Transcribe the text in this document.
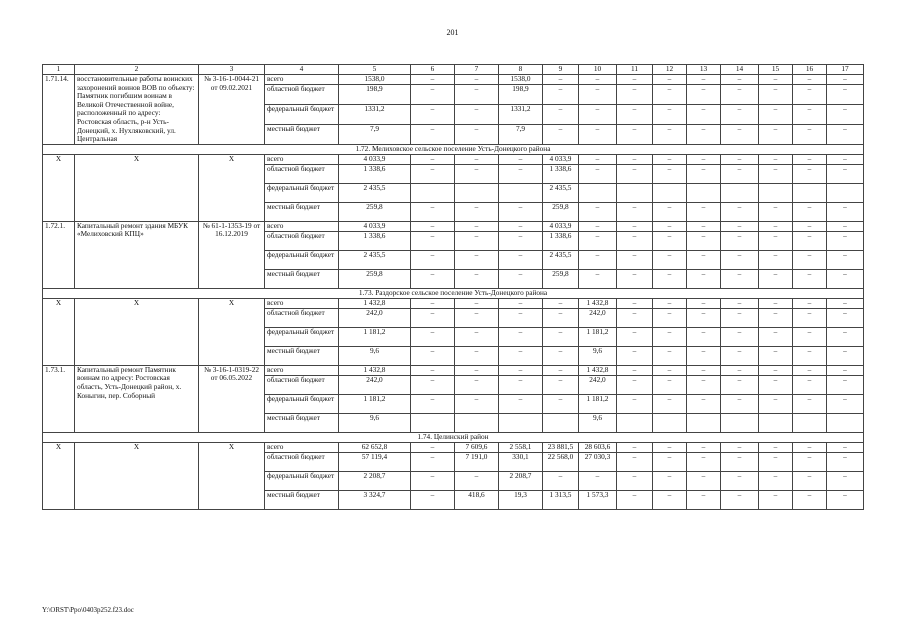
201
1	2	3	4	5	6	7	8	9	10	11	12	13	14	15	16	17
1.71.14.	восстановительные работы воинских захоронений воинов ВОВ по объекту: Памятник погибшим воинам в Великой Отечественной войне, расположенный по адресу: Ростовская область, р-н Усть-Донецкий, х. Нухляковский, ул. Центральная	№ 3-16-1-0044-21 от 09.02.2021	всего	1538,0	–	–	1538,0	–	–	–	–	–	–	–	–	–
			областной бюджет	198,9	–	–	198,9	–	–	–	–	–	–	–	–	–
			федеральный бюджет	1331,2	–	–	1331,2	–	–	–	–	–	–	–	–	–
			местный бюджет	7,9	–	–	7,9	–	–	–	–	–	–	–	–	–
1.72. Мелиховское сельское поселение Усть-Донецкого района																
Х	Х	Х	всего	4 033,9	–	–	–	4 033,9	–	–	–	–	–	–	–	–
			областной бюджет	1 338,6	–	–	–	1 338,6	–	–	–	–	–	–	–	–
			федеральный бюджет	2 435,5				2 435,5								
			местный бюджет	259,8	–	–	–	259,8	–	–	–	–	–	–	–	–
1.72.1.	Капитальный ремонт здания МБУК «Мелиховский КПЦ»	№ 61-1-1353-19 от 16.12.2019	всего	4 033,9	–	–	–	4 033,9	–	–	–	–	–	–	–	–
			областной бюджет	1 338,6	–	–	–	1 338,6	–	–	–	–	–	–	–	–
			федеральный бюджет	2 435,5	–	–	–	2 435,5	–	–	–	–	–	–	–	–
			местный бюджет	259,8	–	–	–	259,8	–	–	–	–	–	–	–	–
1.73. Раздорское сельское поселение Усть-Донецкого района																
Х	Х	Х	всего	1 432,8	–	–	–	–	1 432,8	–	–	–	–	–	–	–
			областной бюджет	242,0	–	–	–	–	242,0	–	–	–	–	–	–	–
			федеральный бюджет	1 181,2	–	–	–	–	1 181,2	–	–	–	–	–	–	–
			местный бюджет	9,6	–	–	–	–	9,6	–	–	–	–	–	–	–
1.73.1.	Капитальный ремонт Памятник воинам по адресу: Ростовская область, Усть-Донецкий район, х. Коныгин, пер. Соборный	№ 3-16-1-0319-22 от 06.05.2022	всего	1 432,8	–	–	–	–	1 432,8	–	–	–	–	–	–	–
			областной бюджет	242,0	–	–	–	–	242,0	–	–	–	–	–	–	–
			федеральный бюджет	1 181,2	–	–	–	–	1 181,2	–	–	–	–	–	–	–
			местный бюджет	9,6					9,6							
1.74. Целинский район																
Х	Х	Х	всего	62 652,8	–	7 609,6	2 558,1	23 881,5	28 603,6	–	–	–	–	–	–	–
			областной бюджет	57 119,4	–	7 191,0	330,1	22 568,0	27 030,3	–	–	–	–	–	–	–
			федеральный бюджет	2 208,7	–	–	2 208,7	–	–	–	–	–	–	–	–	–
			местный бюджет	3 324,7	–	418,6	19,3	1 313,5	1 573,3	–	–	–	–	–	–	–
Y:\ORST\Ppo\0403p252.f23.doc
